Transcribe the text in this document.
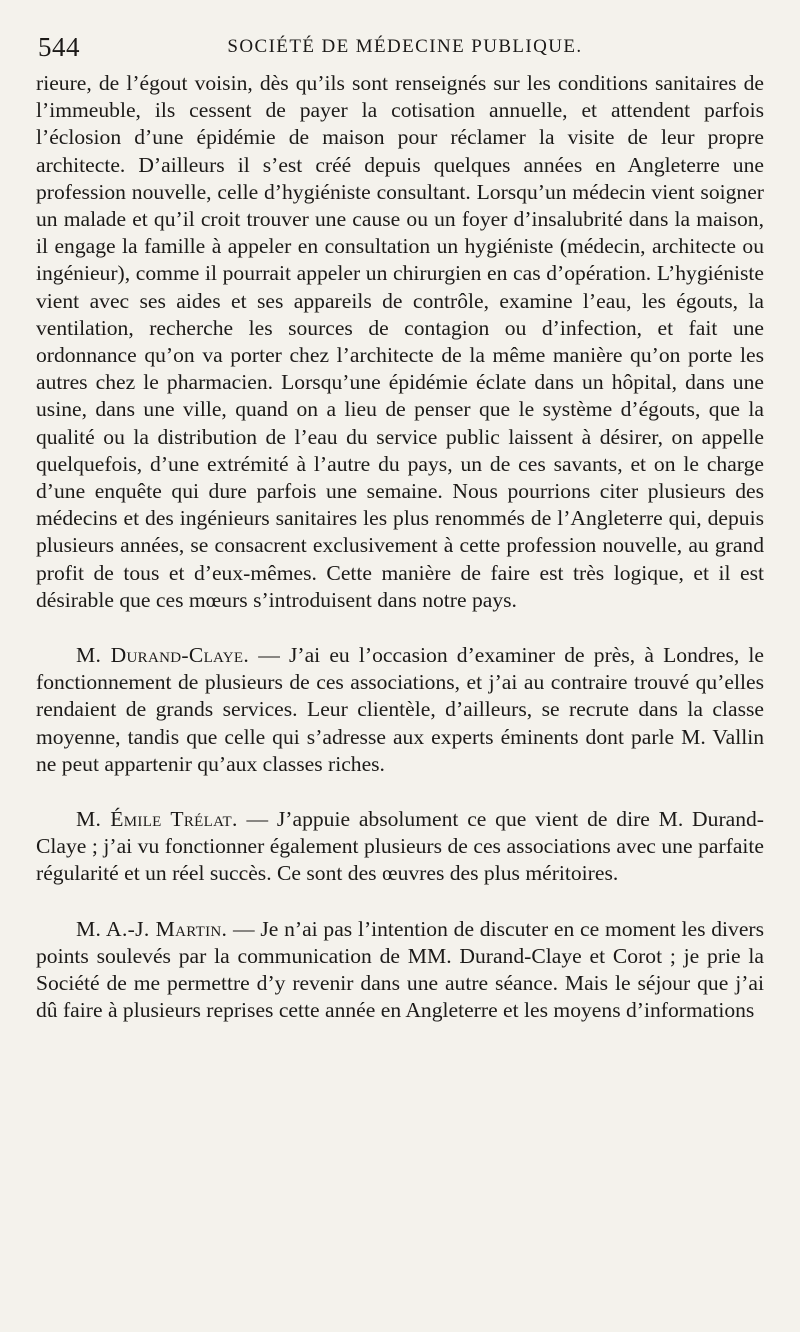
544	SOCIÉTÉ DE MÉDECINE PUBLIQUE.

rieure, de l’égout voisin, dès qu’ils sont renseignés sur les conditions sanitaires de l’immeuble, ils cessent de payer la cotisation annuelle, et attendent parfois l’éclosion d’une épidémie de maison pour réclamer la visite de leur propre architecte. D’ailleurs il s’est créé depuis quelques années en Angleterre une profession nouvelle, celle d’hygiéniste consultant. Lorsqu’un médecin vient soigner un malade et qu’il croit trouver une cause ou un foyer d’insalubrité dans la maison, il engage la famille à appeler en consultation un hygiéniste (médecin, architecte ou ingénieur), comme il pourrait appeler un chirurgien en cas d’opération. L’hygiéniste vient avec ses aides et ses appareils de contrôle, examine l’eau, les égouts, la ventilation, recherche les sources de contagion ou d’infection, et fait une ordonnance qu’on va porter chez l’architecte de la même manière qu’on porte les autres chez le pharmacien. Lorsqu’une épidémie éclate dans un hôpital, dans une usine, dans une ville, quand on a lieu de penser que le système d’égouts, que la qualité ou la distribution de l’eau du service public laissent à désirer, on appelle quelquefois, d’une extrémité à l’autre du pays, un de ces savants, et on le charge d’une enquête qui dure parfois une semaine. Nous pourrions citer plusieurs des médecins et des ingénieurs sanitaires les plus renommés de l’Angleterre qui, depuis plusieurs années, se consacrent exclusivement à cette profession nouvelle, au grand profit de tous et d’eux-mêmes. Cette manière de faire est très logique, et il est désirable que ces mœurs s’introduisent dans notre pays.

M. Durand-Claye. — J’ai eu l’occasion d’examiner de près, à Londres, le fonctionnement de plusieurs de ces associations, et j’ai au contraire trouvé qu’elles rendaient de grands services. Leur clientèle, d’ailleurs, se recrute dans la classe moyenne, tandis que celle qui s’adresse aux experts éminents dont parle M. Vallin ne peut appartenir qu’aux classes riches.

M. Émile Trélat. — J’appuie absolument ce que vient de dire M. Durand-Claye ; j’ai vu fonctionner également plusieurs de ces associations avec une parfaite régularité et un réel succès. Ce sont des œuvres des plus méritoires.

M. A.-J. Martin. — Je n’ai pas l’intention de discuter en ce moment les divers points soulevés par la communication de MM. Durand-Claye et Corot ; je prie la Société de me permettre d’y revenir dans une autre séance. Mais le séjour que j’ai dû faire à plusieurs reprises cette année en Angleterre et les moyens d’informations
